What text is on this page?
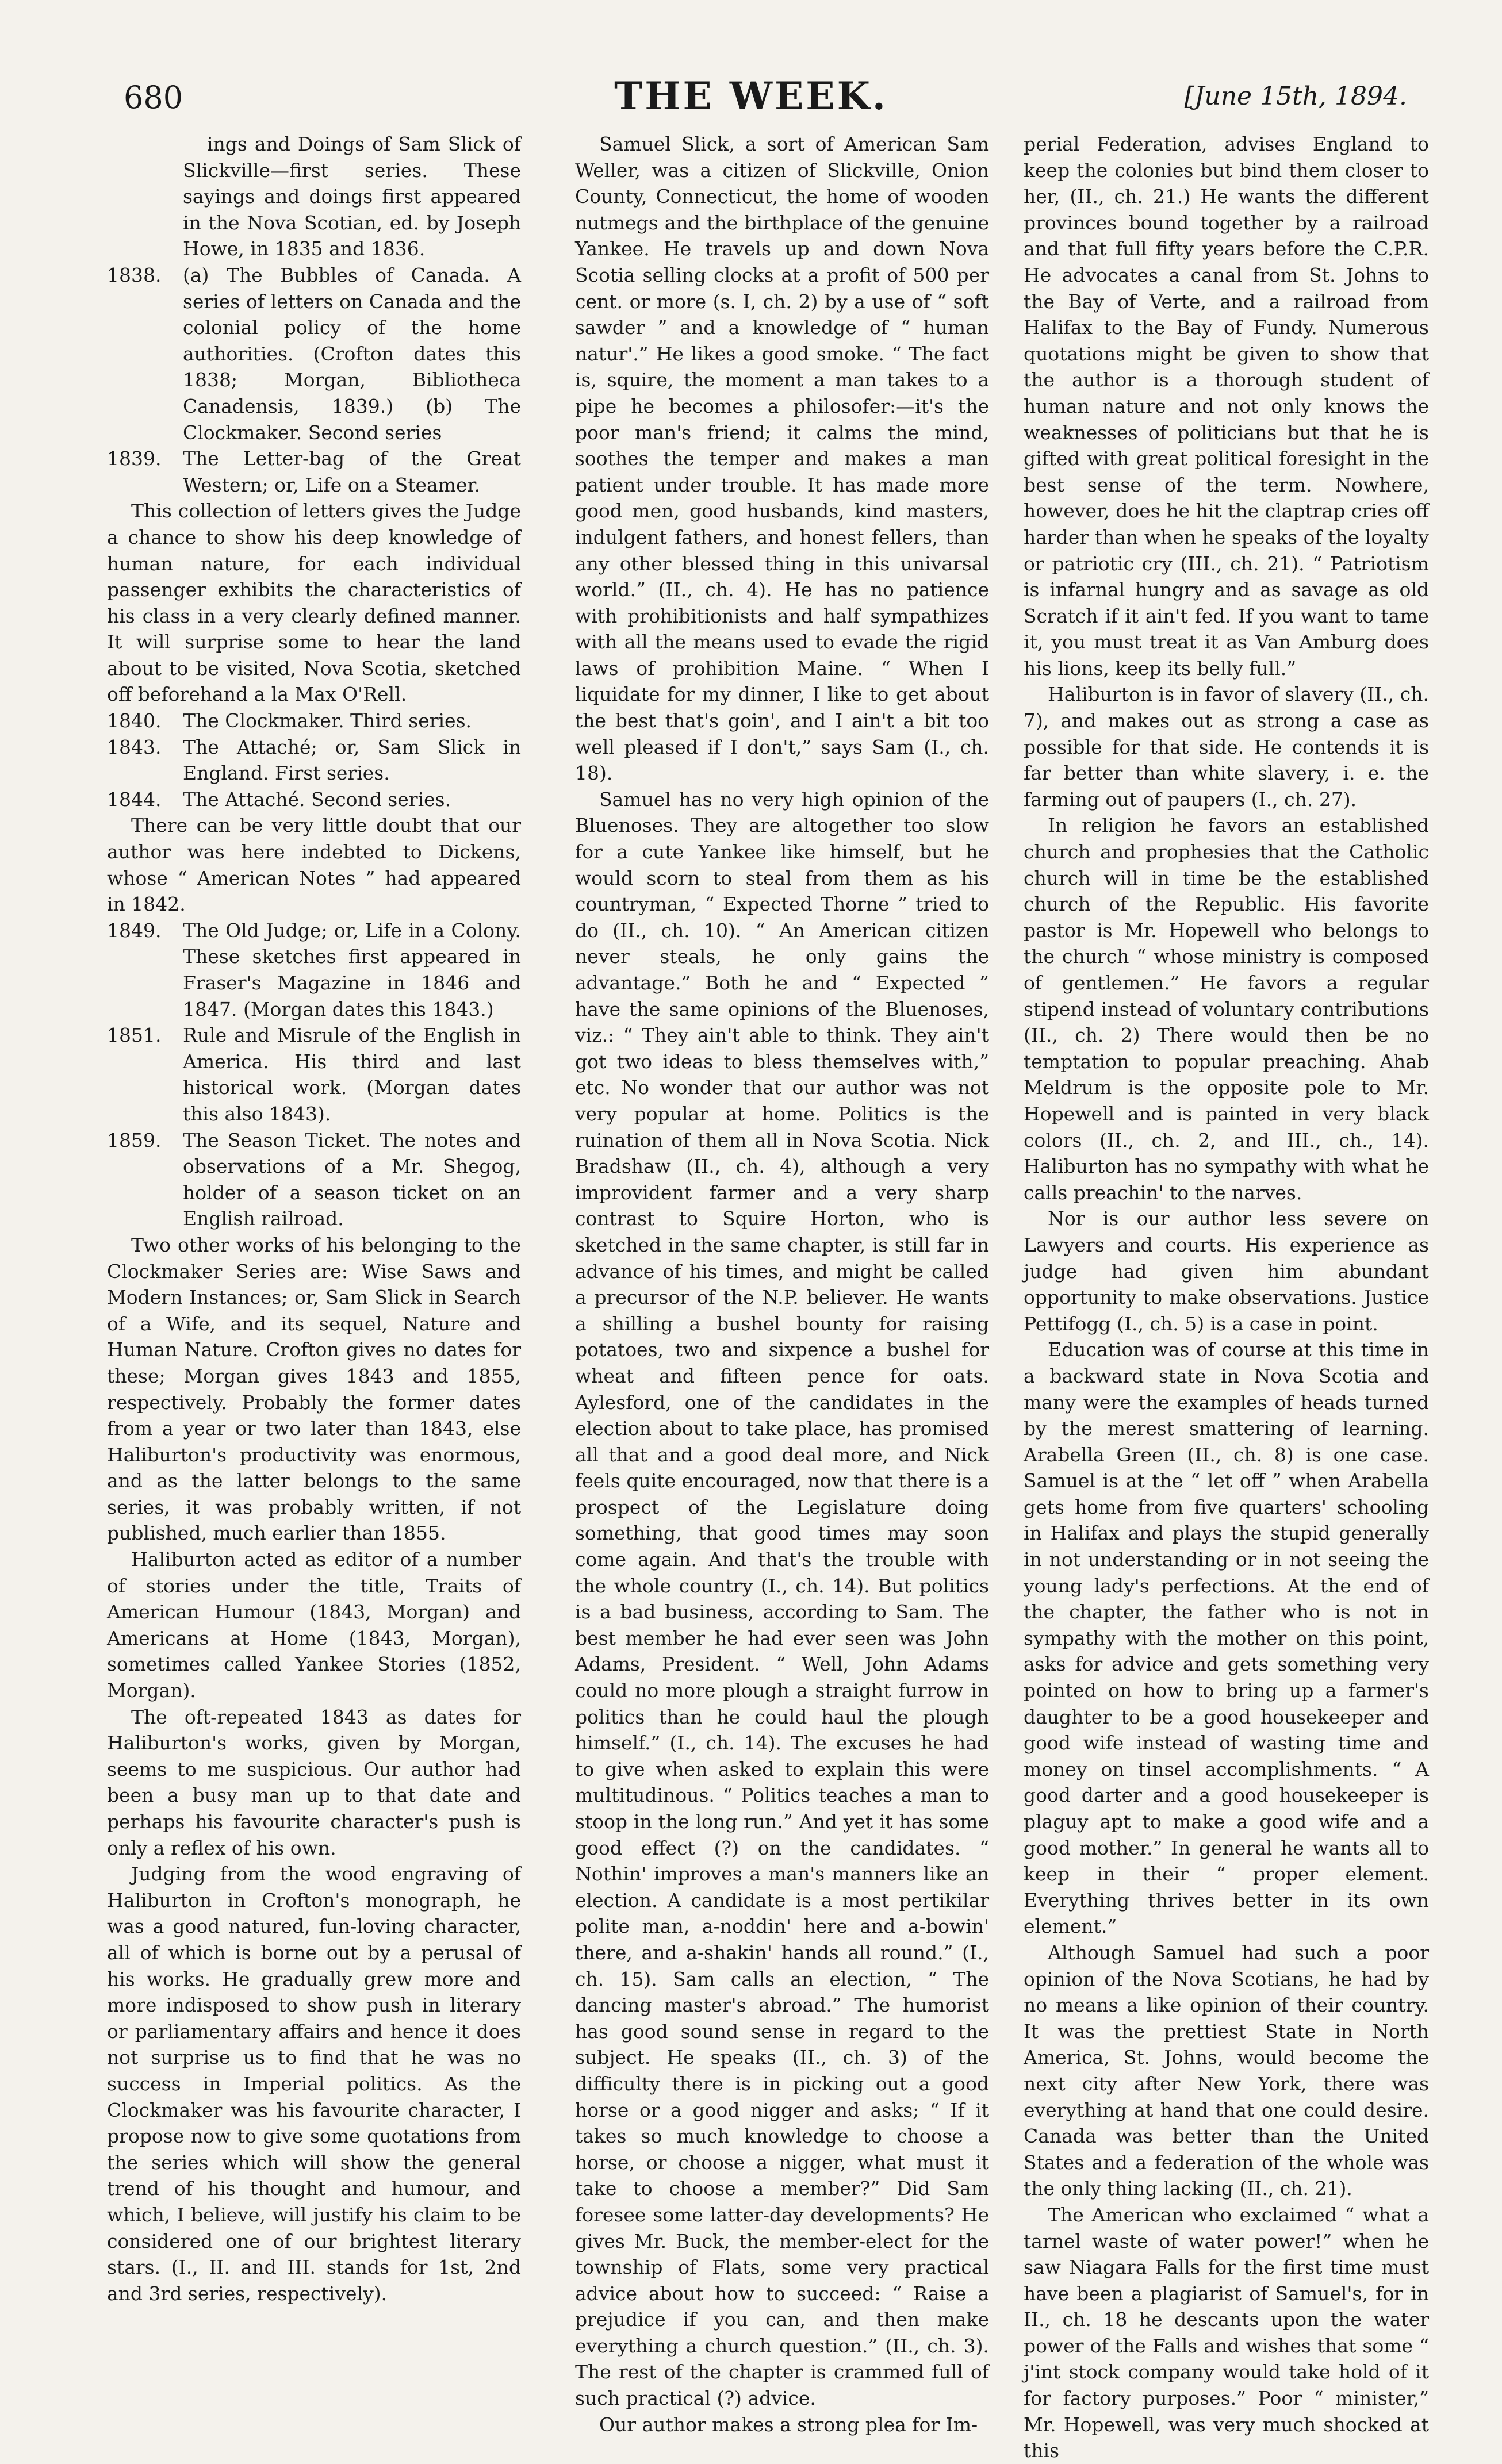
680	THE WEEK.	[June 15th, 1894.

ings and Doings of Sam Slick of Slickville—first series. These sayings and doings first appeared in the Nova Scotian, ed. by Joseph Howe, in 1835 and 1836.

1838.	(a) The Bubbles of Canada. A series of letters on Canada and the colonial policy of the home authorities. (Crofton dates this 1838; Morgan, Bibliotheca Canadensis, 1839.) (b) The Clockmaker. Second series
1839.	The Letter-bag of the Great Western; or, Life on a Steamer.

This collection of letters gives the Judge a chance to show his deep knowledge of human nature, for each individual passenger exhibits the characteristics of his class in a very clearly defined manner. It will surprise some to hear the land about to be visited, Nova Scotia, sketched off beforehand a la Max O'Rell.

1840.	The Clockmaker. Third series.
1843.	The Attaché; or, Sam Slick in England. First series.
1844.	The Attaché. Second series.

There can be very little doubt that our author was here indebted to Dickens, whose “ American Notes ” had appeared in 1842.

1849.	The Old Judge; or, Life in a Colony. These sketches first appeared in Fraser's Magazine in 1846 and 1847. (Morgan dates this 1843.)
1851.	Rule and Misrule of the English in America. His third and last historical work. (Morgan dates this also 1843).
1859.	The Season Ticket. The notes and observations of a Mr. Shegog, holder of a season ticket on an English railroad.

Two other works of his belonging to the Clockmaker Series are: Wise Saws and Modern Instances; or, Sam Slick in Search of a Wife, and its sequel, Nature and Human Nature. Crofton gives no dates for these; Morgan gives 1843 and 1855, respectively. Probably the former dates from a year or two later than 1843, else Haliburton's productivity was enormous, and as the latter belongs to the same series, it was probably written, if not published, much earlier than 1855.

Haliburton acted as editor of a number of stories under the title, Traits of American Humour (1843, Morgan) and Americans at Home (1843, Morgan), sometimes called Yankee Stories (1852, Morgan).

The oft-repeated 1843 as dates for Haliburton's works, given by Morgan, seems to me suspicious. Our author had been a busy man up to that date and perhaps his favourite character's push is only a reflex of his own.

Judging from the wood engraving of Haliburton in Crofton's monograph, he was a good natured, fun-loving character, all of which is borne out by a perusal of his works. He gradually grew more and more indisposed to show push in literary or parliamentary affairs and hence it does not surprise us to find that he was no success in Imperial politics. As the Clockmaker was his favourite character, I propose now to give some quotations from the series which will show the general trend of his thought and humour, and which, I believe, will justify his claim to be considered one of our brightest literary stars. (I., II. and III. stands for 1st, 2nd and 3rd series, respectively).

Samuel Slick, a sort of American Sam Weller, was a citizen of Slickville, Onion County, Connecticut, the home of wooden nutmegs and the birthplace of the genuine Yankee. He travels up and down Nova Scotia selling clocks at a profit of 500 per cent. or more (s. I, ch. 2) by a use of “ soft sawder ” and a knowledge of “ human natur'.” He likes a good smoke. “ The fact is, squire, the moment a man takes to a pipe he becomes a philosofer:—it's the poor man's friend; it calms the mind, soothes the temper and makes a man patient under trouble. It has made more good men, good husbands, kind masters, indulgent fathers, and honest fellers, than any other blessed thing in this univarsal world.” (II., ch. 4). He has no patience with prohibitionists and half sympathizes with all the means used to evade the rigid laws of prohibition Maine. “ When I liquidate for my dinner, I like to get about the best that's goin', and I ain't a bit too well pleased if I don't,” says Sam (I., ch. 18).

Samuel has no very high opinion of the Bluenoses. They are altogether too slow for a cute Yankee like himself, but he would scorn to steal from them as his countryman, “ Expected Thorne ” tried to do (II., ch. 10). “ An American citizen never steals, he only gains the advantage.” Both he and “ Expected ” have the same opinions of the Bluenoses, viz.: “ They ain't able to think. They ain't got two ideas to bless themselves with,” etc. No wonder that our author was not very popular at home. Politics is the ruination of them all in Nova Scotia. Nick Bradshaw (II., ch. 4), although a very improvident farmer and a very sharp contrast to Squire Horton, who is sketched in the same chapter, is still far in advance of his times, and might be called a precursor of the N.P. believer. He wants a shilling a bushel bounty for raising potatoes, two and sixpence a bushel for wheat and fifteen pence for oats. Aylesford, one of the candidates in the election about to take place, has promised all that and a good deal more, and Nick feels quite encouraged, now that there is a prospect of the Legislature doing something, that good times may soon come again. And that's the trouble with the whole country (I., ch. 14). But politics is a bad business, according to Sam. The best member he had ever seen was John Adams, President. “ Well, John Adams could no more plough a straight furrow in politics than he could haul the plough himself.” (I., ch. 14). The excuses he had to give when asked to explain this were multitudinous. “ Politics teaches a man to stoop in the long run.” And yet it has some good effect (?) on the candidates. “ Nothin' improves a man's manners like an election. A candidate is a most pertikilar polite man, a-noddin' here and a-bowin' there, and a-shakin' hands all round.” (I., ch. 15). Sam calls an election, “ The dancing master's abroad.” The humorist has good sound sense in regard to the subject. He speaks (II., ch. 3) of the difficulty there is in picking out a good horse or a good nigger and asks; “ If it takes so much knowledge to choose a horse, or choose a nigger, what must it take to choose a member?” Did Sam foresee some latter-day developments? He gives Mr. Buck, the member-elect for the township of Flats, some very practical advice about how to succeed: “ Raise a prejudice if you can, and then make everything a church question.” (II., ch. 3). The rest of the chapter is crammed full of such practical (?) advice.

Our author makes a strong plea for Im-

perial Federation, advises England to keep the colonies but bind them closer to her, (II., ch. 21.) He wants the different provinces bound together by a railroad and that full fifty years before the C.P.R. He advocates a canal from St. Johns to the Bay of Verte, and a railroad from Halifax to the Bay of Fundy. Numerous quotations might be given to show that the author is a thorough student of human nature and not only knows the weaknesses of politicians but that he is gifted with great political foresight in the best sense of the term. Nowhere, however, does he hit the claptrap cries off harder than when he speaks of the loyalty or patriotic cry (III., ch. 21). “ Patriotism is infarnal hungry and as savage as old Scratch if it ain't fed. If you want to tame it, you must treat it as Van Amburg does his lions, keep its belly full.”

Haliburton is in favor of slavery (II., ch. 7), and makes out as strong a case as possible for that side. He contends it is far better than white slavery, i. e. the farming out of paupers (I., ch. 27).

In religion he favors an established church and prophesies that the Catholic church will in time be the established church of the Republic. His favorite pastor is Mr. Hopewell who belongs to the church “ whose ministry is composed of gentlemen.” He favors a regular stipend instead of voluntary contributions (II., ch. 2) There would then be no temptation to popular preaching. Ahab Meldrum is the opposite pole to Mr. Hopewell and is painted in very black colors (II., ch. 2, and III., ch., 14). Haliburton has no sympathy with what he calls preachin' to the narves.

Nor is our author less severe on Lawyers and courts. His experience as judge had given him abundant opportunity to make observations. Justice Pettifogg (I., ch. 5) is a case in point.

Education was of course at this time in a backward state in Nova Scotia and many were the examples of heads turned by the merest smattering of learning. Arabella Green (II., ch. 8) is one case. Samuel is at the “ let off ” when Arabella gets home from five quarters' schooling in Halifax and plays the stupid generally in not understanding or in not seeing the young lady's perfections. At the end of the chapter, the father who is not in sympathy with the mother on this point, asks for advice and gets something very pointed on how to bring up a farmer's daughter to be a good housekeeper and good wife instead of wasting time and money on tinsel accomplishments. “ A good darter and a good housekeeper is plaguy apt to make a good wife and a good mother.” In general he wants all to keep in their “ proper element. Everything thrives better in its own element.”

Although Samuel had such a poor opinion of the Nova Scotians, he had by no means a like opinion of their country. It was the prettiest State in North America, St. Johns, would become the next city after New York, there was everything at hand that one could desire. Canada was better than the United States and a federation of the whole was the only thing lacking (II., ch. 21).

The American who exclaimed “ what a tarnel waste of water power!” when he saw Niagara Falls for the first time must have been a plagiarist of Samuel's, for in II., ch. 18 he descants upon the water power of the Falls and wishes that some “ j'int stock company would take hold of it for factory purposes.” Poor “ minister,” Mr. Hopewell, was very much shocked at this
